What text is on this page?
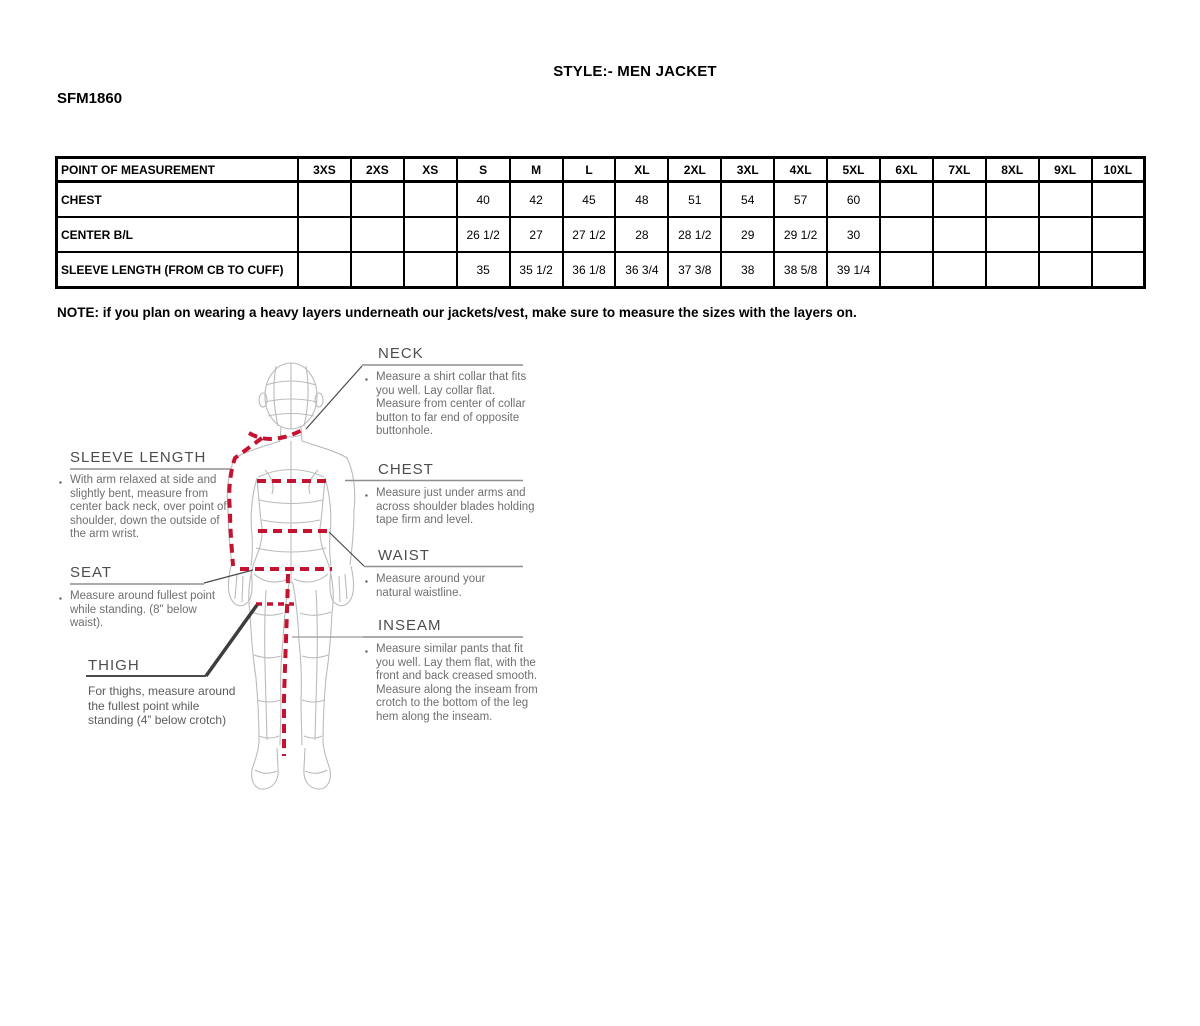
STYLE:- MEN JACKET
SFM1860
POINT OF MEASUREMENT	3XS	2XS	XS	S	M	L	XL	2XL	3XL	4XL	5XL	6XL	7XL	8XL	9XL	10XL
CHEST				40	42	45	48	51	54	57	60					
CENTER B/L				26 1/2	27	27 1/2	28	28 1/2	29	29 1/2	30					
SLEEVE LENGTH (FROM CB TO CUFF)				35	35 1/2	36 1/8	36 3/4	37 3/8	38	38 5/8	39 1/4					
NOTE: if you plan on wearing a heavy layers underneath our jackets/vest, make sure to measure the sizes with the layers on.
NECK
▪ Measure a shirt collar that fits you well. Lay collar flat. Measure from center of collar button to far end of opposite buttonhole.
SLEEVE LENGTH
▪ With arm relaxed at side and slightly bent, measure from center back neck, over point of shoulder, down the outside of the arm wrist.
CHEST
▪ Measure just under arms and across shoulder blades holding tape firm and level.
WAIST
▪ Measure around your natural waistline.
SEAT
▪ Measure around fullest point while standing. (8" below waist).	INSEAM
▪ Measure similar pants that fit you well. Lay them flat, with the front and back creased smooth. Measure along the inseam from crotch to the bottom of the leg hem along the inseam.
THIGH
For thighs, measure around the fullest point while standing (4” below crotch)
